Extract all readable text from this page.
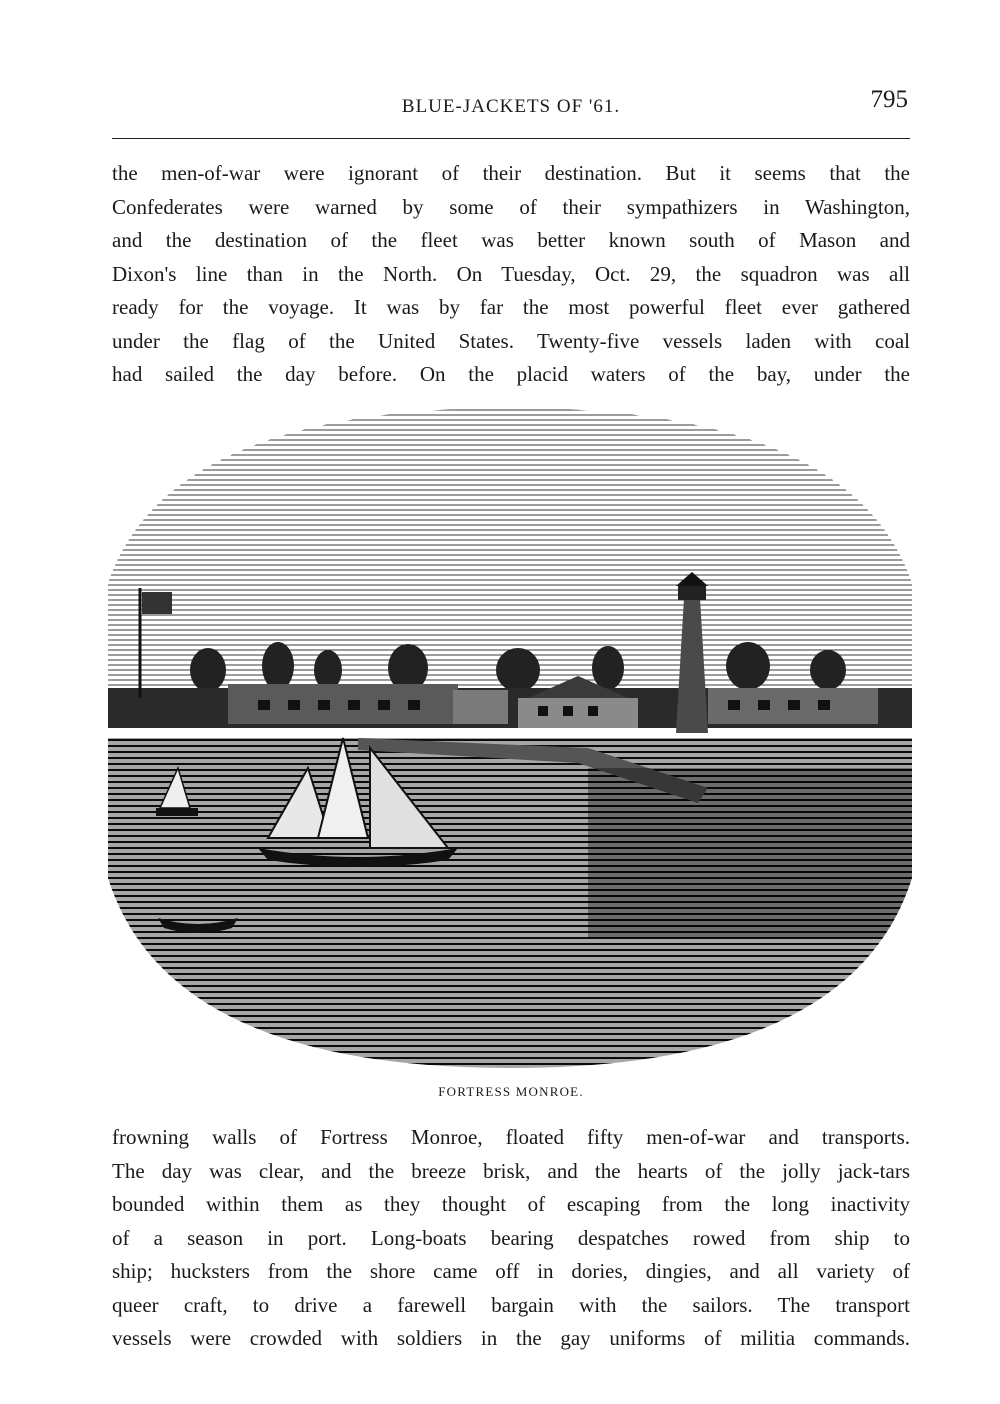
BLUE-JACKETS OF '61.	795

the men-of-war were ignorant of their destination. But it seems that the
Confederates were warned by some of their sympathizers in Washington,
and the destination of the fleet was better known south of Mason and
Dixon's line than in the North. On Tuesday, Oct. 29, the squadron was all
ready for the voyage. It was by far the most powerful fleet ever gathered
under the flag of the United States. Twenty-five vessels laden with coal
had sailed the day before. On the placid waters of the bay, under the

FORTRESS MONROE.

frowning walls of Fortress Monroe, floated fifty men-of-war and transports.
The day was clear, and the breeze brisk, and the hearts of the jolly jack-tars
bounded within them as they thought of escaping from the long inactivity
of a season in port. Long-boats bearing despatches rowed from ship to
ship; hucksters from the shore came off in dories, dingies, and all variety of
queer craft, to drive a farewell bargain with the sailors. The transport
vessels were crowded with soldiers in the gay uniforms of militia commands.
